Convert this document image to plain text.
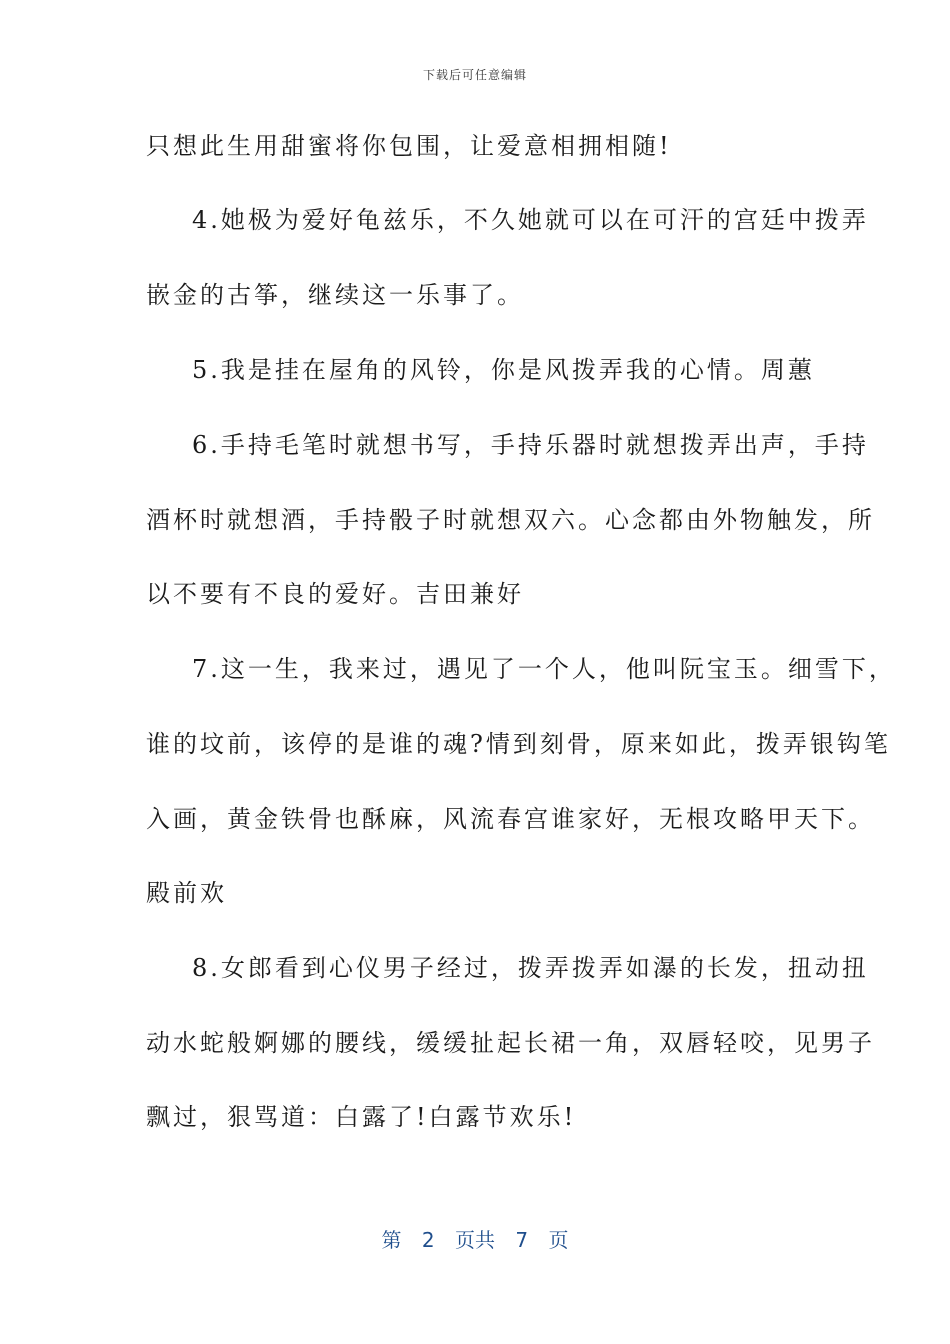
下载后可任意编辑
只想此生用甜蜜将你包围，让爱意相拥相随!
4.她极为爱好龟兹乐，不久她就可以在可汗的宫廷中拨弄
嵌金的古筝，继续这一乐事了。
5.我是挂在屋角的风铃，你是风拨弄我的心情。周蕙
6.手持毛笔时就想书写，手持乐器时就想拨弄出声，手持
酒杯时就想酒，手持骰子时就想双六。心念都由外物触发，所
以不要有不良的爱好。吉田兼好
7.这一生，我来过，遇见了一个人，他叫阮宝玉。细雪下，
谁的坟前，该停的是谁的魂?情到刻骨，原来如此，拨弄银钩笔
入画，黄金铁骨也酥麻，风流春宫谁家好，无根攻略甲天下。
殿前欢
8.女郎看到心仪男子经过，拨弄拨弄如瀑的长发，扭动扭
动水蛇般婀娜的腰线，缓缓扯起长裙一角，双唇轻咬，见男子
飘过，狠骂道：白露了!白露节欢乐!
第 2 页共 7 页
